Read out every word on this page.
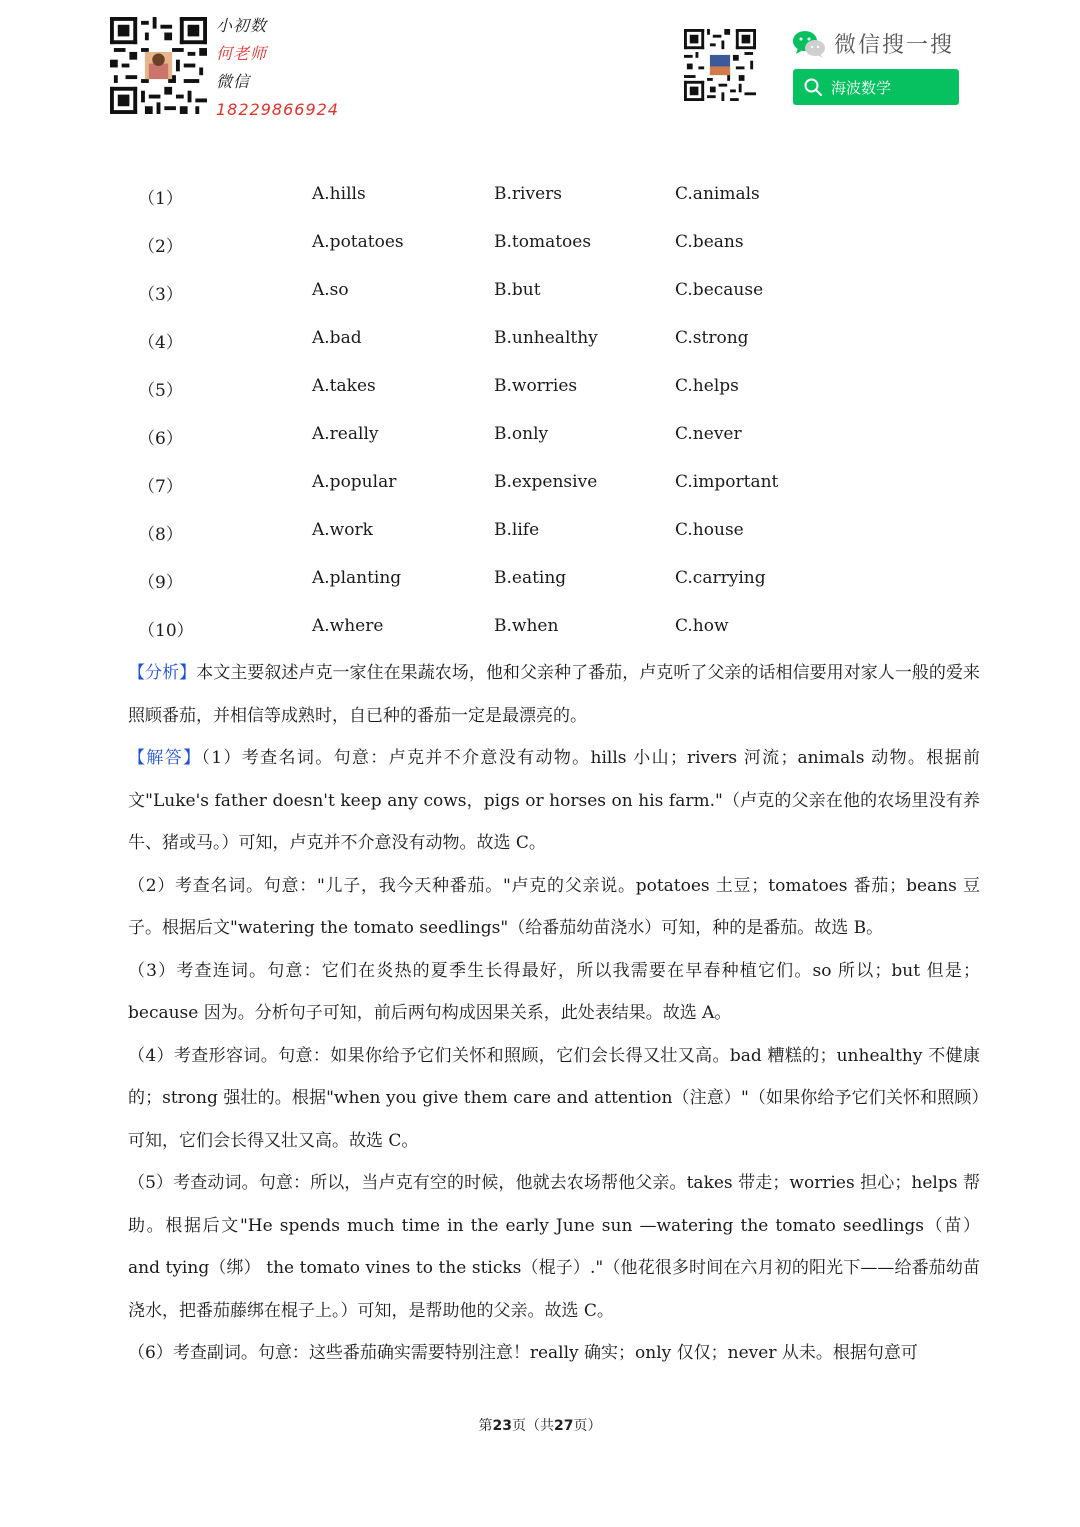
小初数
何老师
微信
18229866924
微信搜一搜
海波数学
（1）	A.hills	B.rivers	C.animals
（2）	A.potatoes	B.tomatoes	C.beans
（3）	A.so	B.but	C.because
（4）	A.bad	B.unhealthy	C.strong
（5）	A.takes	B.worries	C.helps
（6）	A.really	B.only	C.never
（7）	A.popular	B.expensive	C.important
（8）	A.work	B.life	C.house
（9）	A.planting	B.eating	C.carrying
（10）	A.where	B.when	C.how

【分析】本文主要叙述卢克一家住在果蔬农场，他和父亲种了番茄，卢克听了父亲的话相信要用对家人一般的爱来照顾番茄，并相信等成熟时，自已种的番茄一定是最漂亮的。

【解答】（1）考查名词。句意：卢克并不介意没有动物。hills 小山；rivers 河流；animals 动物。根据前文"Luke's father doesn't keep any cows，pigs or horses on his farm."（卢克的父亲在他的农场里没有养牛、猪或马。）可知，卢克并不介意没有动物。故选 C。

（2）考查名词。句意："儿子，我今天种番茄。"卢克的父亲说。potatoes 土豆；tomatoes 番茄；beans 豆子。根据后文"watering the tomato seedlings"（给番茄幼苗浇水）可知，种的是番茄。故选 B。

（3）考查连词。句意：它们在炎热的夏季生长得最好，所以我需要在早春种植它们。so 所以；but 但是；because 因为。分析句子可知，前后两句构成因果关系，此处表结果。故选 A。

（4）考查形容词。句意：如果你给予它们关怀和照顾，它们会长得又壮又高。bad 糟糕的；unhealthy 不健康的；strong 强壮的。根据"when you give them care and attention（注意）"（如果你给予它们关怀和照顾）可知，它们会长得又壮又高。故选 C。

（5）考查动词。句意：所以，当卢克有空的时候，他就去农场帮他父亲。takes 带走；worries 担心；helps 帮助。根据后文"He spends much time in the early June sun —watering the tomato seedlings（苗） and tying（绑） the tomato vines to the sticks（棍子）."（他花很多时间在六月初的阳光下——给番茄幼苗浇水，把番茄藤绑在棍子上。）可知，是帮助他的父亲。故选 C。

（6）考查副词。句意：这些番茄确实需要特别注意！really 确实；only 仅仅；never 从未。根据句意可

第23页（共27页）
